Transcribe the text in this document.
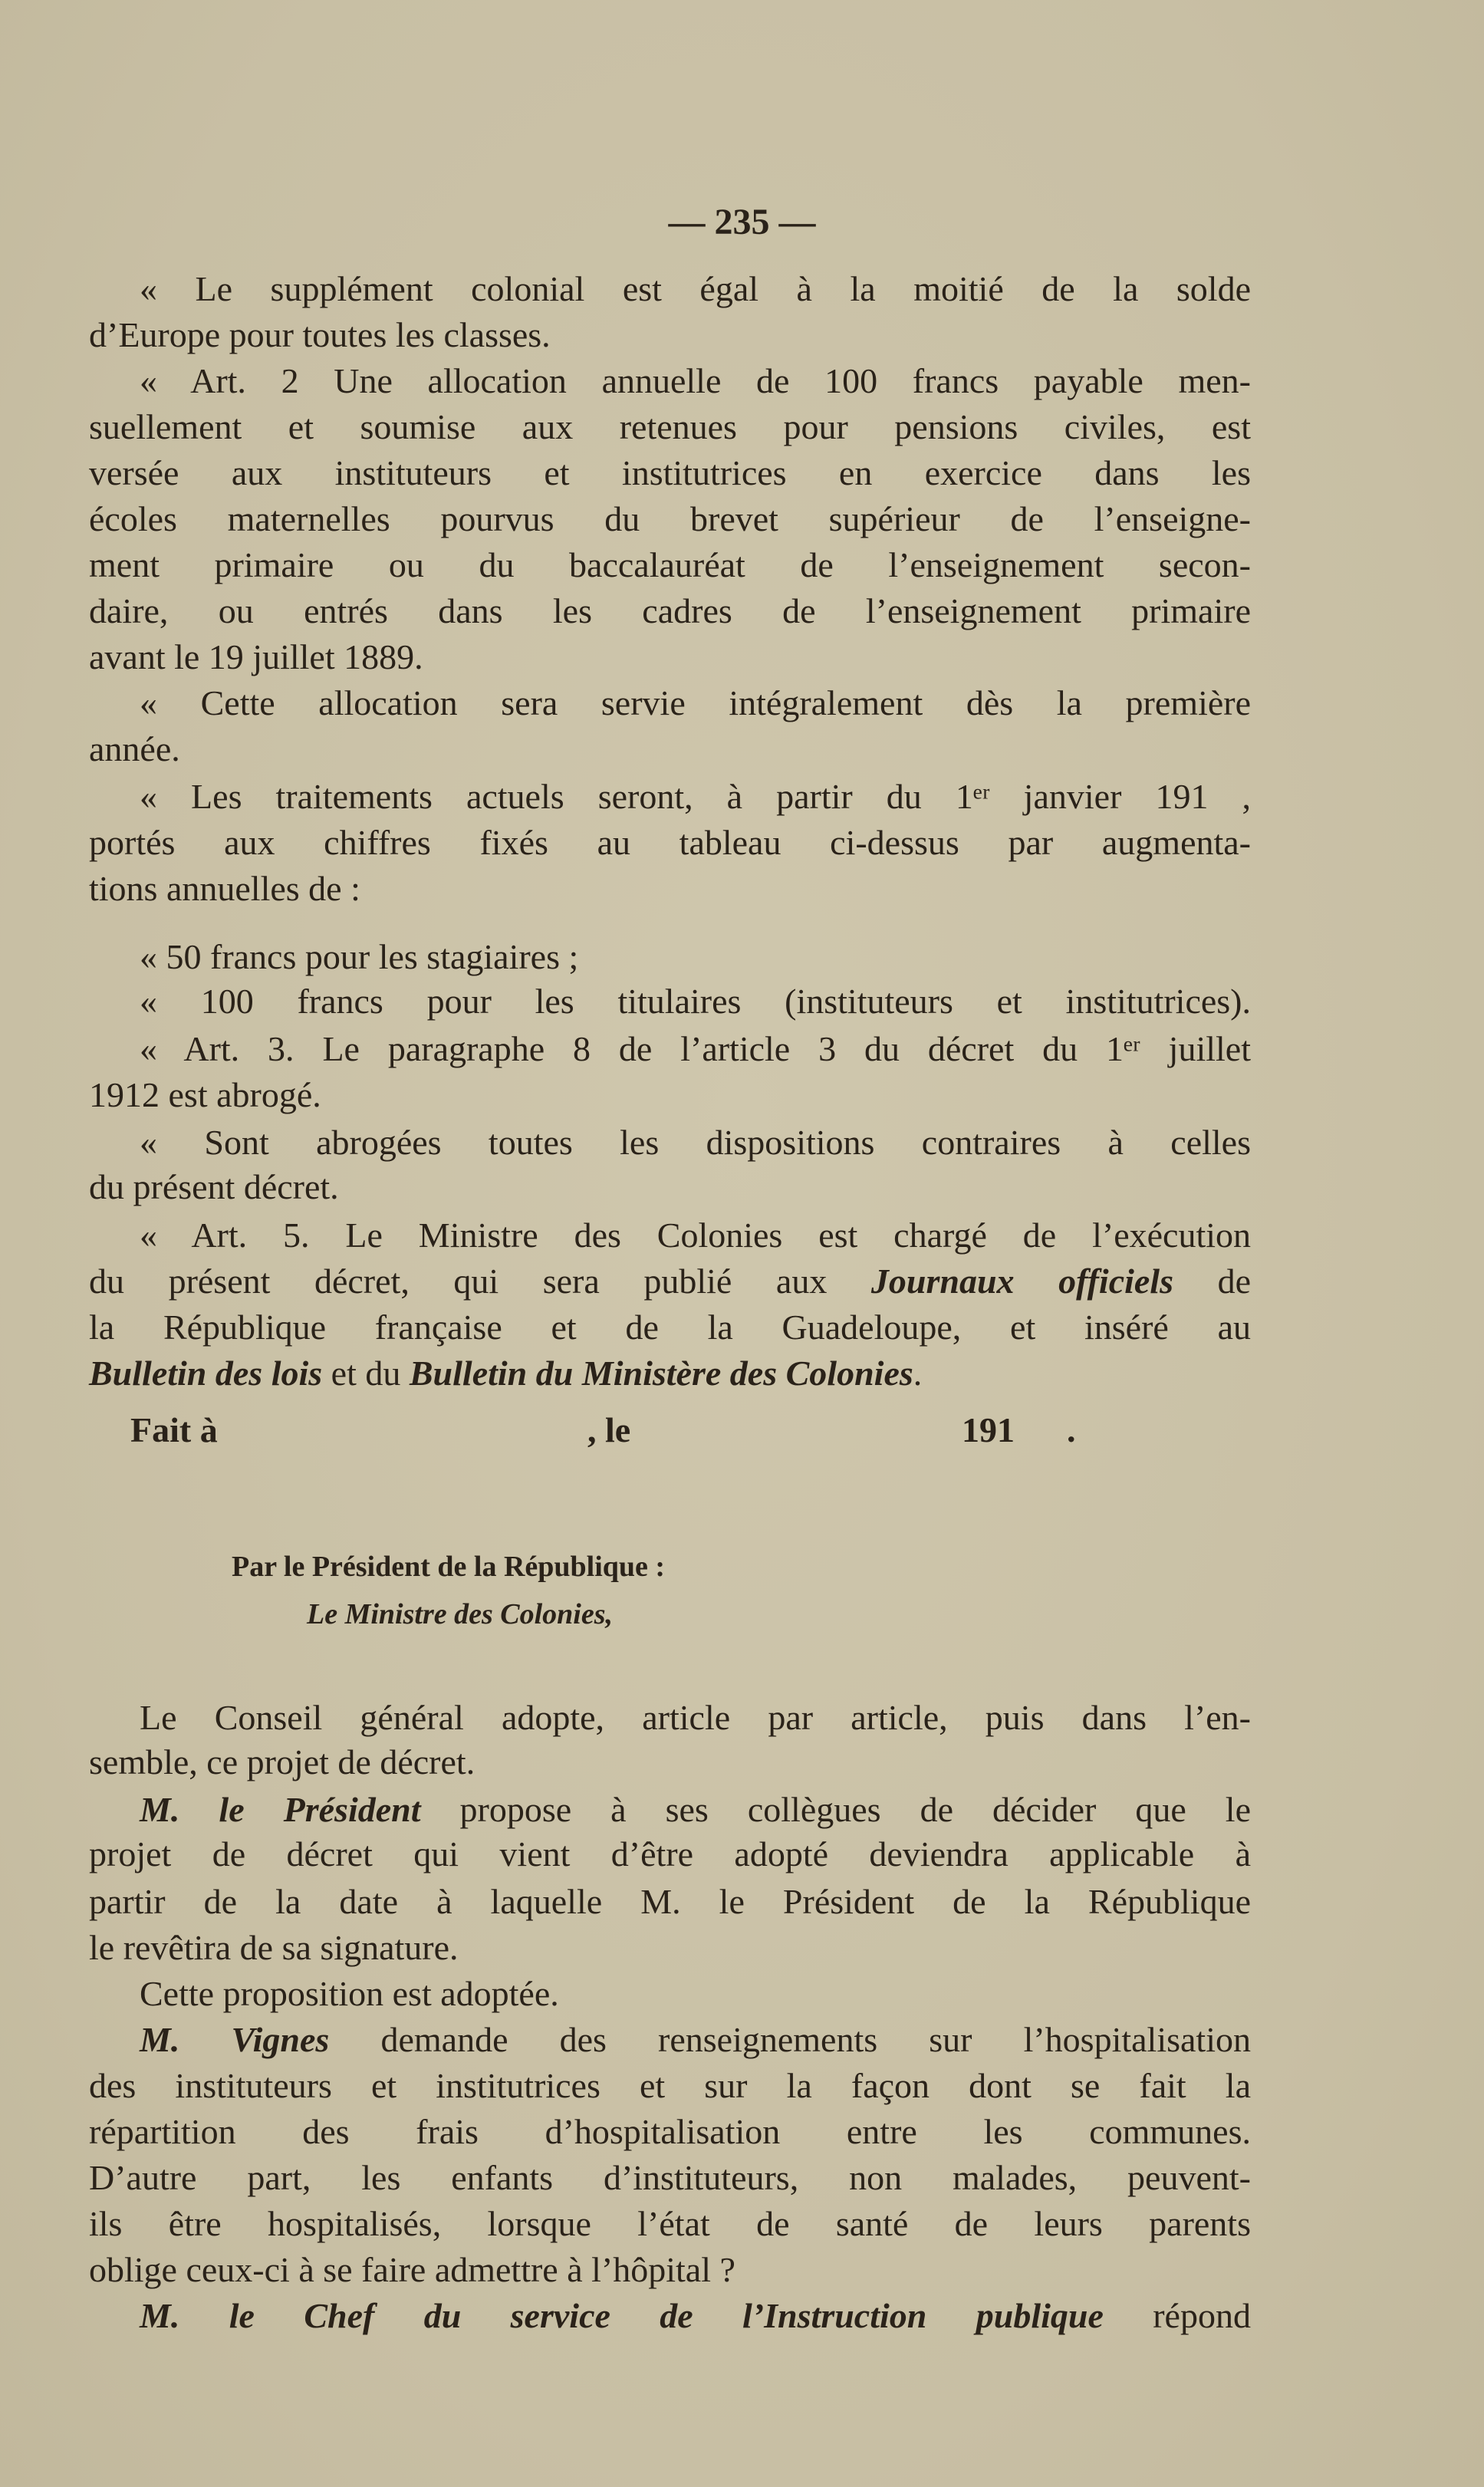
— 235 —
« Le supplément colonial est égal à la moitié de la solde
d’Europe pour toutes les classes.
« Art. 2 Une allocation annuelle de 100 francs payable men-
suellement et soumise aux retenues pour pensions civiles, est
versée aux instituteurs et institutrices en exercice dans les
écoles maternelles pourvus du brevet supérieur de l’enseigne-
ment primaire ou du baccalauréat de l’enseignement secon-
daire, ou entrés dans les cadres de l’enseignement primaire
avant le 19 juillet 1889.
« Cette allocation sera servie intégralement dès la première
année.
« Les traitements actuels seront, à partir du 1ᵉʳ janvier 191 ,
portés aux chiffres fixés au tableau ci-dessus par augmenta-
tions annuelles de :
« 50 francs pour les stagiaires ;
« 100 francs pour les titulaires (instituteurs et institutrices).
« Art. 3. Le paragraphe 8 de l’article 3 du décret du 1ᵉʳ juillet
1912 est abrogé.
« Sont abrogées toutes les dispositions contraires à celles
du présent décret.
« Art. 5. Le Ministre des Colonies est chargé de l’exécution
du présent décret, qui sera publié aux Journaux officiels de
la République française et de la Guadeloupe, et inséré au
Bulletin des lois et du Bulletin du Ministère des Colonies.
Fait à	, le	191 .
Par le Président de la République :
Le Ministre des Colonies,
Le Conseil général adopte, article par article, puis dans l’en-
semble, ce projet de décret.
M. le Président propose à ses collègues de décider que le
projet de décret qui vient d’être adopté deviendra applicable à
partir de la date à laquelle M. le Président de la République
le revêtira de sa signature.
Cette proposition est adoptée.
M. Vignes demande des renseignements sur l’hospitalisation
des instituteurs et institutrices et sur la façon dont se fait la
répartition des frais d’hospitalisation entre les communes.
D’autre part, les enfants d’instituteurs, non malades, peuvent-
ils être hospitalisés, lorsque l’état de santé de leurs parents
oblige ceux-ci à se faire admettre à l’hôpital ?
M. le Chef du service de l’Instruction publique répond
